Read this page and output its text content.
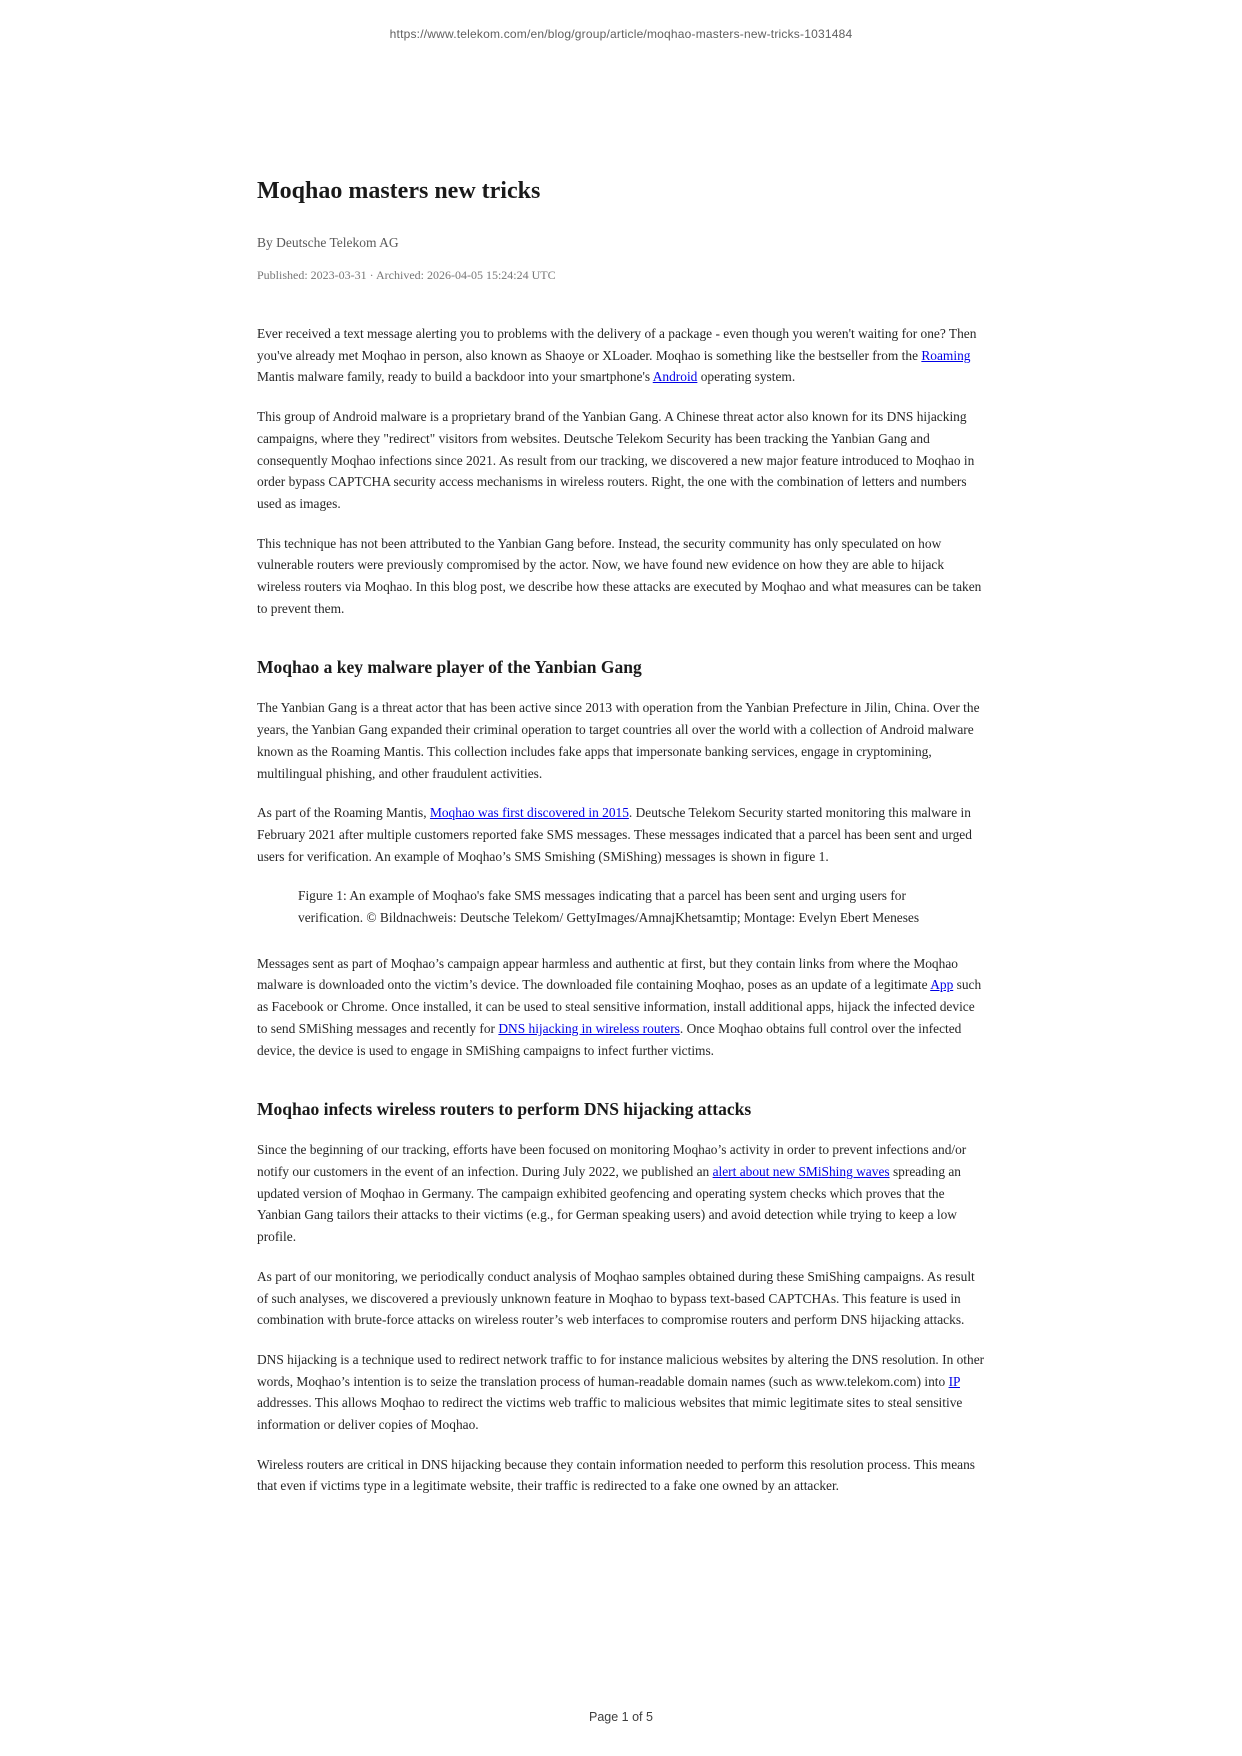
https://www.telekom.com/en/blog/group/article/moqhao-masters-new-tricks-1031484
Moqhao masters new tricks
By Deutsche Telekom AG
Published: 2023-03-31 · Archived: 2026-04-05 15:24:24 UTC

Ever received a text message alerting you to problems with the delivery of a package - even though you weren't waiting for one? Then you've already met Moqhao in person, also known as Shaoye or XLoader. Moqhao is something like the bestseller from the Roaming Mantis malware family, ready to build a backdoor into your smartphone's Android operating system.

This group of Android malware is a proprietary brand of the Yanbian Gang. A Chinese threat actor also known for its DNS hijacking campaigns, where they "redirect" visitors from websites. Deutsche Telekom Security has been tracking the Yanbian Gang and consequently Moqhao infections since 2021. As result from our tracking, we discovered a new major feature introduced to Moqhao in order bypass CAPTCHA security access mechanisms in wireless routers. Right, the one with the combination of letters and numbers used as images.

This technique has not been attributed to the Yanbian Gang before. Instead, the security community has only speculated on how vulnerable routers were previously compromised by the actor. Now, we have found new evidence on how they are able to hijack wireless routers via Moqhao. In this blog post, we describe how these attacks are executed by Moqhao and what measures can be taken to prevent them.

Moqhao a key malware player of the Yanbian Gang

The Yanbian Gang is a threat actor that has been active since 2013 with operation from the Yanbian Prefecture in Jilin, China. Over the years, the Yanbian Gang expanded their criminal operation to target countries all over the world with a collection of Android malware known as the Roaming Mantis. This collection includes fake apps that impersonate banking services, engage in cryptomining, multilingual phishing, and other fraudulent activities.

As part of the Roaming Mantis, Moqhao was first discovered in 2015. Deutsche Telekom Security started monitoring this malware in February 2021 after multiple customers reported fake SMS messages. These messages indicated that a parcel has been sent and urged users for verification. An example of Moqhao’s SMS Smishing (SMiShing) messages is shown in figure 1.

Figure 1: An example of Moqhao's fake SMS messages indicating that a parcel has been sent and urging users for verification. © Bildnachweis: Deutsche Telekom/ GettyImages/AmnajKhetsamtip; Montage: Evelyn Ebert Meneses

Messages sent as part of Moqhao’s campaign appear harmless and authentic at first, but they contain links from where the Moqhao malware is downloaded onto the victim’s device. The downloaded file containing Moqhao, poses as an update of a legitimate App such as Facebook or Chrome. Once installed, it can be used to steal sensitive information, install additional apps, hijack the infected device to send SMiShing messages and recently for DNS hijacking in wireless routers. Once Moqhao obtains full control over the infected device, the device is used to engage in SMiShing campaigns to infect further victims.

Moqhao infects wireless routers to perform DNS hijacking attacks

Since the beginning of our tracking, efforts have been focused on monitoring Moqhao’s activity in order to prevent infections and/or notify our customers in the event of an infection. During July 2022, we published an alert about new SMiShing waves spreading an updated version of Moqhao in Germany. The campaign exhibited geofencing and operating system checks which proves that the Yanbian Gang tailors their attacks to their victims (e.g., for German speaking users) and avoid detection while trying to keep a low profile.

As part of our monitoring, we periodically conduct analysis of Moqhao samples obtained during these SmiShing campaigns. As result of such analyses, we discovered a previously unknown feature in Moqhao to bypass text-based CAPTCHAs. This feature is used in combination with brute-force attacks on wireless router’s web interfaces to compromise routers and perform DNS hijacking attacks.

DNS hijacking is a technique used to redirect network traffic to for instance malicious websites by altering the DNS resolution. In other words, Moqhao’s intention is to seize the translation process of human-readable domain names (such as www.telekom.com) into IP addresses. This allows Moqhao to redirect the victims web traffic to malicious websites that mimic legitimate sites to steal sensitive information or deliver copies of Moqhao.

Wireless routers are critical in DNS hijacking because they contain information needed to perform this resolution process. This means that even if victims type in a legitimate website, their traffic is redirected to a fake one owned by an attacker.

Page 1 of 5
